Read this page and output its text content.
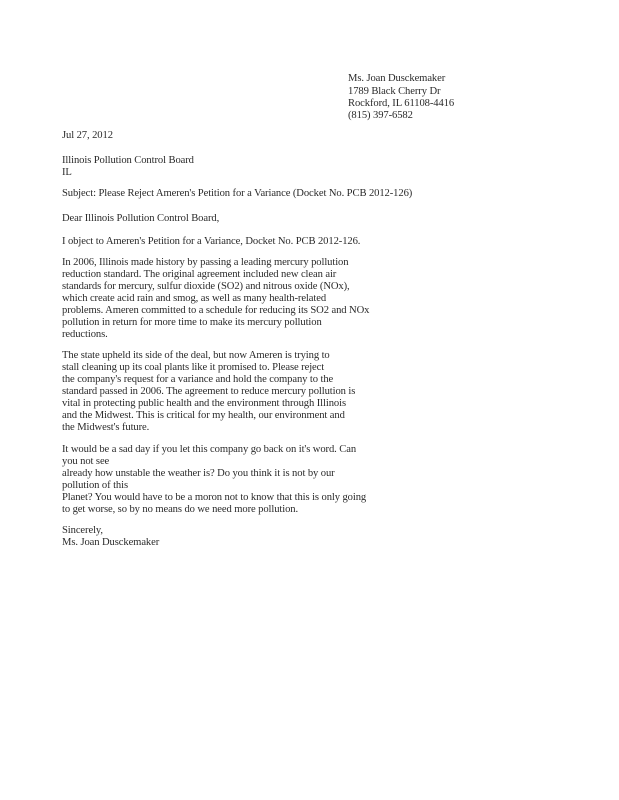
Ms. Joan Dusckemaker
1789 Black Cherry Dr
Rockford, IL 61108-4416
(815) 397-6582
Jul 27, 2012
Illinois Pollution Control Board
IL
Subject: Please Reject Ameren's Petition for a Variance (Docket No. PCB 2012-126)
Dear Illinois Pollution Control Board,
I object to Ameren's Petition for a Variance, Docket No. PCB 2012-126.
In 2006, Illinois made history by passing a leading mercury pollution
reduction standard. The original agreement included new clean air
standards for mercury, sulfur dioxide (SO2) and nitrous oxide (NOx),
which create acid rain and smog, as well as many health-related
problems. Ameren committed to a schedule for reducing its SO2 and NOx
pollution in return for more time to make its mercury pollution
reductions.
The state upheld its side of the deal, but now Ameren is trying to
stall cleaning up its coal plants like it promised to. Please reject
the company's request for a variance and hold the company to the
standard passed in 2006. The agreement to reduce mercury pollution is
vital in protecting public health and the environment through Illinois
and the Midwest. This is critical for my health, our environment and
the Midwest's future.
It would be a sad day if you let this company go back on it's word. Can
you not see
already how unstable the weather is? Do you think it is not by our
pollution of this
Planet? You would have to be a moron not to know that this is only going
to get worse, so by no means do we need more pollution.
Sincerely,
Ms. Joan Dusckemaker
